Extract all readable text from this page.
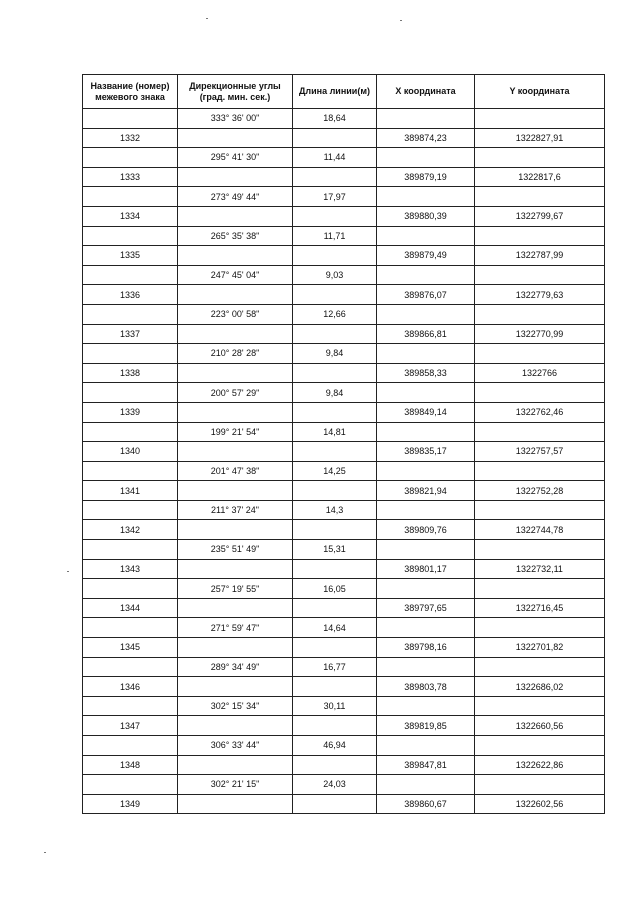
Название (номер) межевого знака	Дирекционные углы (град. мин. сек.)	Длина линии(м)	X координата	Y координата
	333° 36' 00"	18,64		
1332			389874,23	1322827,91
	295° 41' 30"	11,44		
1333			389879,19	1322817,6
	273° 49' 44"	17,97		
1334			389880,39	1322799,67
	265° 35' 38"	11,71		
1335			389879,49	1322787,99
	247° 45' 04"	9,03		
1336			389876,07	1322779,63
	223° 00' 58"	12,66		
1337			389866,81	1322770,99
	210° 28' 28"	9,84		
1338			389858,33	1322766
	200° 57' 29"	9,84		
1339			389849,14	1322762,46
	199° 21' 54"	14,81		
1340			389835,17	1322757,57
	201° 47' 38"	14,25		
1341			389821,94	1322752,28
	211° 37' 24"	14,3		
1342			389809,76	1322744,78
	235° 51' 49"	15,31		
1343			389801,17	1322732,11
	257° 19' 55"	16,05		
1344			389797,65	1322716,45
	271° 59' 47"	14,64		
1345			389798,16	1322701,82
	289° 34' 49"	16,77		
1346			389803,78	1322686,02
	302° 15' 34"	30,11		
1347			389819,85	1322660,56
	306° 33' 44"	46,94		
1348			389847,81	1322622,86
	302° 21' 15"	24,03		
1349			389860,67	1322602,56
